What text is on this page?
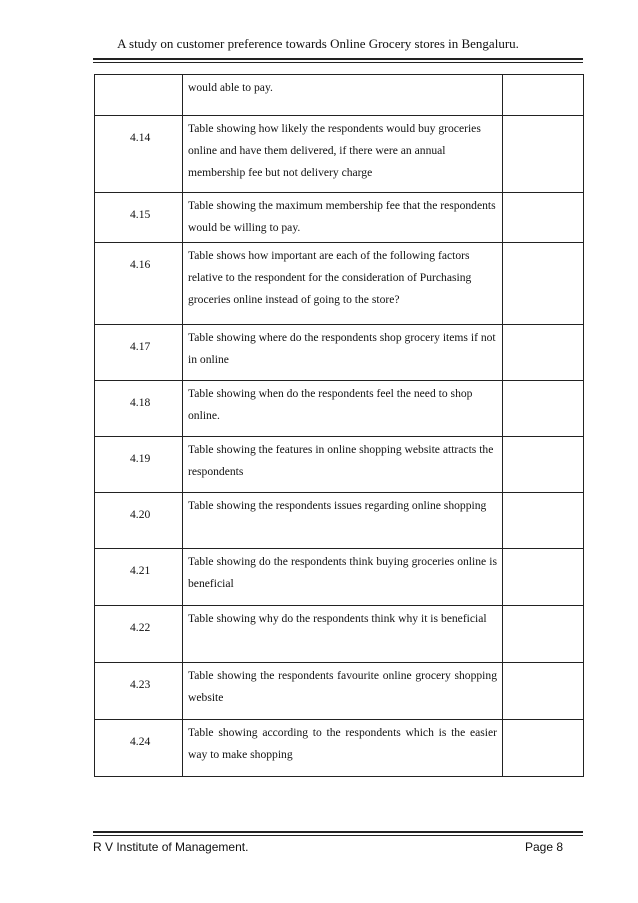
A study on customer preference towards Online Grocery stores in Bengaluru.

	would able to pay.	

4.14	Table showing how likely the respondents would buy groceries online and have them delivered, if there were an annual membership fee but not delivery charge	

4.15	Table showing the maximum membership fee that the respondents would be willing to pay.	

4.16	Table shows how important are each of the following factors relative to the respondent for the consideration of Purchasing groceries online instead of going to the store?	

4.17	Table showing where do the respondents shop grocery items if not in online	

4.18	Table showing when do the respondents feel the need to shop online.	

4.19	Table showing the features in online shopping website attracts the respondents	

4.20	Table showing the respondents issues regarding online shopping	

4.21	Table showing do the respondents think buying groceries online is beneficial	

4.22	Table showing why do the respondents think why it is beneficial	

4.23	Table showing the respondents favourite online grocery shopping website	

4.24	Table showing according to the respondents which is the easier way to make shopping	

R V Institute of Management.	Page 8
